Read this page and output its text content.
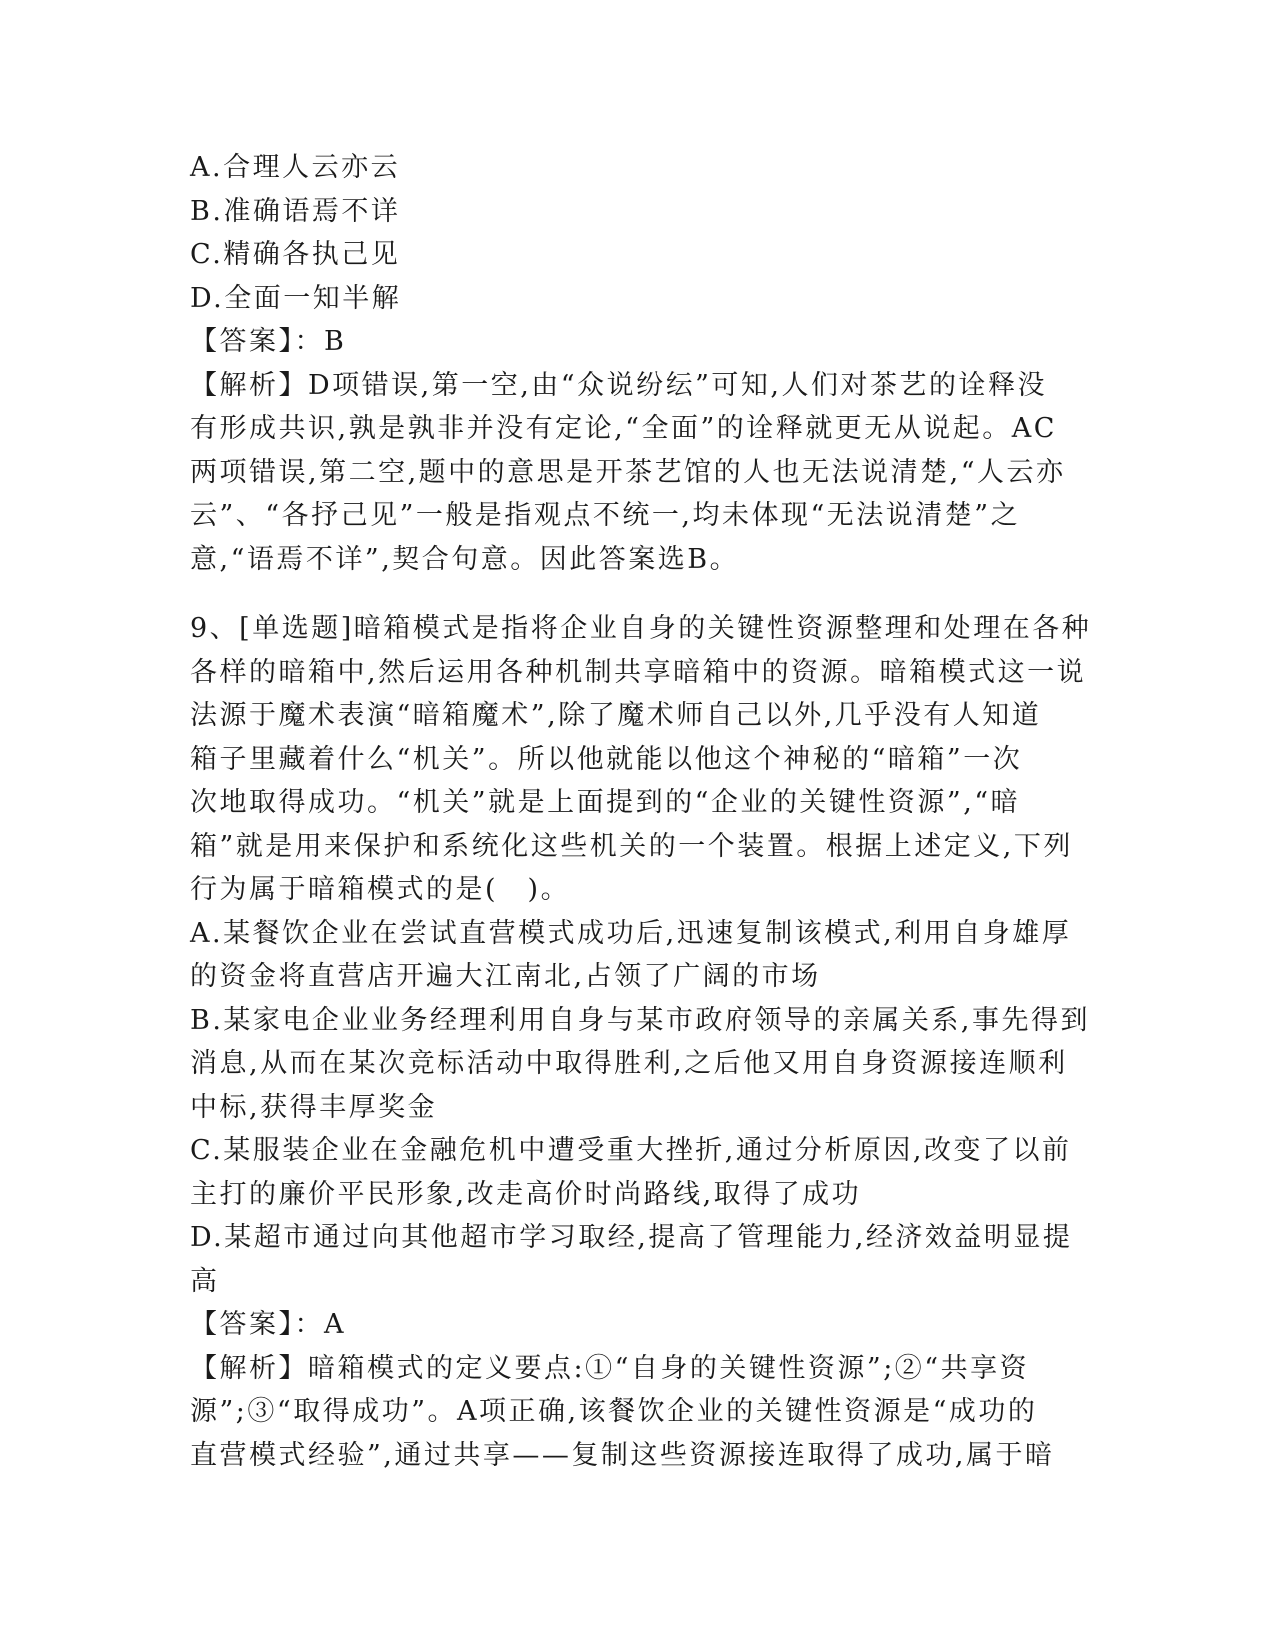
A.合理人云亦云
B.准确语焉不详
C.精确各执己见
D.全面一知半解
【答案】：B
【解析】D项错误,第一空,由“众说纷纭”可知,人们对茶艺的诠释没
有形成共识,孰是孰非并没有定论,“全面”的诠释就更无从说起。AC
两项错误,第二空,题中的意思是开茶艺馆的人也无法说清楚,“人云亦
云”、“各抒己见”一般是指观点不统一,均未体现“无法说清楚”之
意,“语焉不详”,契合句意。因此答案选B。
9、[单选题]暗箱模式是指将企业自身的关键性资源整理和处理在各种
各样的暗箱中,然后运用各种机制共享暗箱中的资源。暗箱模式这一说
法源于魔术表演“暗箱魔术”,除了魔术师自己以外,几乎没有人知道
箱子里藏着什么“机关”。所以他就能以他这个神秘的“暗箱”一次
次地取得成功。“机关”就是上面提到的“企业的关键性资源”,“暗
箱”就是用来保护和系统化这些机关的一个装置。根据上述定义,下列
行为属于暗箱模式的是(　)。
A.某餐饮企业在尝试直营模式成功后,迅速复制该模式,利用自身雄厚
的资金将直营店开遍大江南北,占领了广阔的市场
B.某家电企业业务经理利用自身与某市政府领导的亲属关系,事先得到
消息,从而在某次竞标活动中取得胜利,之后他又用自身资源接连顺利
中标,获得丰厚奖金
C.某服装企业在金融危机中遭受重大挫折,通过分析原因,改变了以前
主打的廉价平民形象,改走高价时尚路线,取得了成功
D.某超市通过向其他超市学习取经,提高了管理能力,经济效益明显提
高
【答案】：A
【解析】暗箱模式的定义要点:①“自身的关键性资源”;②“共享资
源”;③“取得成功”。A项正确,该餐饮企业的关键性资源是“成功的
直营模式经验”,通过共享——复制这些资源接连取得了成功,属于暗
